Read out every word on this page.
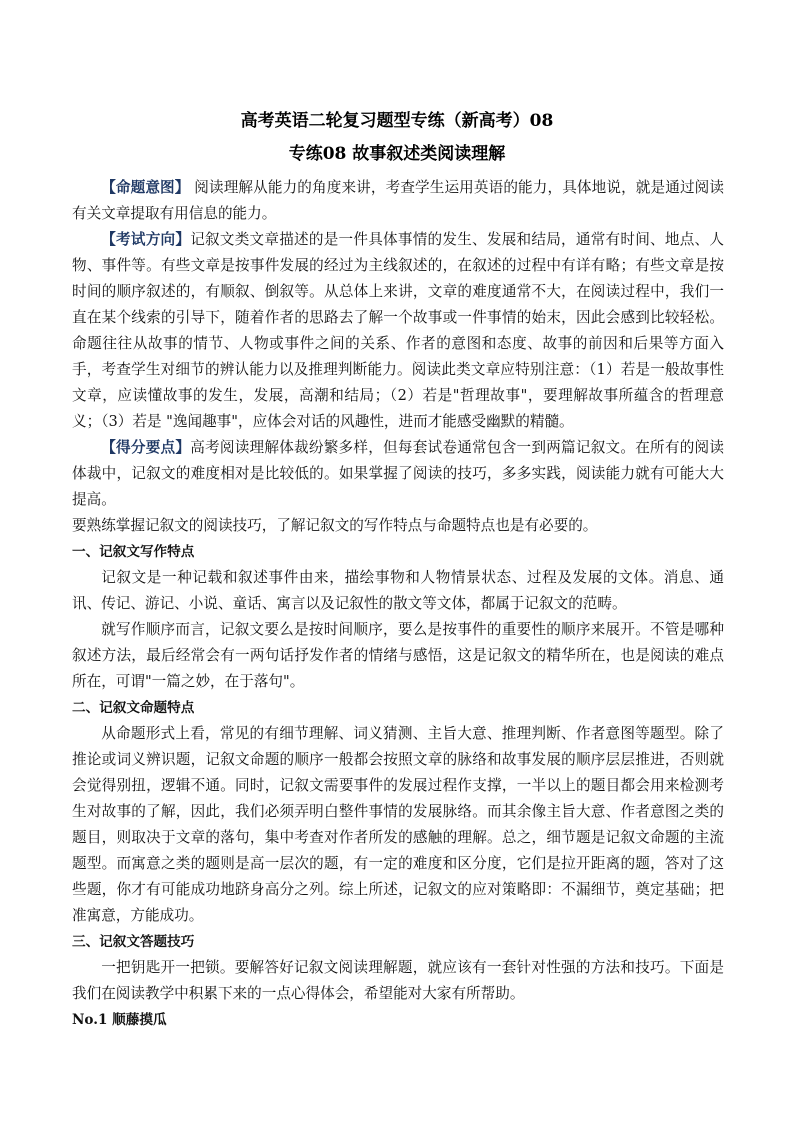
高考英语二轮复习题型专练（新高考）08
专练08 故事叙述类阅读理解

【命题意图】 阅读理解从能力的角度来讲，考查学生运用英语的能力，具体地说，就是通过阅读有关文章提取有用信息的能力。

【考试方向】记叙文类文章描述的是一件具体事情的发生、发展和结局，通常有时间、地点、人物、事件等。有些文章是按事件发展的经过为主线叙述的，在叙述的过程中有详有略；有些文章是按时间的顺序叙述的，有顺叙、倒叙等。从总体上来讲，文章的难度通常不大，在阅读过程中，我们一直在某个线索的引导下，随着作者的思路去了解一个故事或一件事情的始末，因此会感到比较轻松。命题往往从故事的情节、人物或事件之间的关系、作者的意图和态度、故事的前因和后果等方面入手，考查学生对细节的辨认能力以及推理判断能力。阅读此类文章应特别注意：（1）若是一般故事性文章，应读懂故事的发生，发展，高潮和结局；（2）若是"哲理故事"，要理解故事所蕴含的哲理意义；（3）若是 "逸闻趣事"，应体会对话的风趣性，进而才能感受幽默的精髓。

【得分要点】高考阅读理解体裁纷繁多样，但每套试卷通常包含一到两篇记叙文。在所有的阅读体裁中，记叙文的难度相对是比较低的。如果掌握了阅读的技巧，多多实践，阅读能力就有可能大大提高。

要熟练掌握记叙文的阅读技巧，了解记叙文的写作特点与命题特点也是有必要的。

一、记叙文写作特点

记叙文是一种记载和叙述事件由来，描绘事物和人物情景状态、过程及发展的文体。消息、通讯、传记、游记、小说、童话、寓言以及记叙性的散文等文体，都属于记叙文的范畴。

就写作顺序而言，记叙文要么是按时间顺序，要么是按事件的重要性的顺序来展开。不管是哪种叙述方法，最后经常会有一两句话抒发作者的情绪与感悟，这是记叙文的精华所在，也是阅读的难点所在，可谓"一篇之妙，在于落句"。

二、记叙文命题特点

从命题形式上看，常见的有细节理解、词义猜测、主旨大意、推理判断、作者意图等题型。除了推论或词义辨识题，记叙文命题的顺序一般都会按照文章的脉络和故事发展的顺序层层推进，否则就会觉得别扭，逻辑不通。同时，记叙文需要事件的发展过程作支撑，一半以上的题目都会用来检测考生对故事的了解，因此，我们必须弄明白整件事情的发展脉络。而其余像主旨大意、作者意图之类的题目，则取决于文章的落句，集中考查对作者所发的感触的理解。总之，细节题是记叙文命题的主流题型。而寓意之类的题则是高一层次的题，有一定的难度和区分度，它们是拉开距离的题，答对了这些题，你才有可能成功地跻身高分之列。综上所述，记叙文的应对策略即：不漏细节，奠定基础；把准寓意，方能成功。

三、记叙文答题技巧

一把钥匙开一把锁。要解答好记叙文阅读理解题，就应该有一套针对性强的方法和技巧。下面是我们在阅读教学中积累下来的一点心得体会，希望能对大家有所帮助。

No.1 顺藤摸瓜
